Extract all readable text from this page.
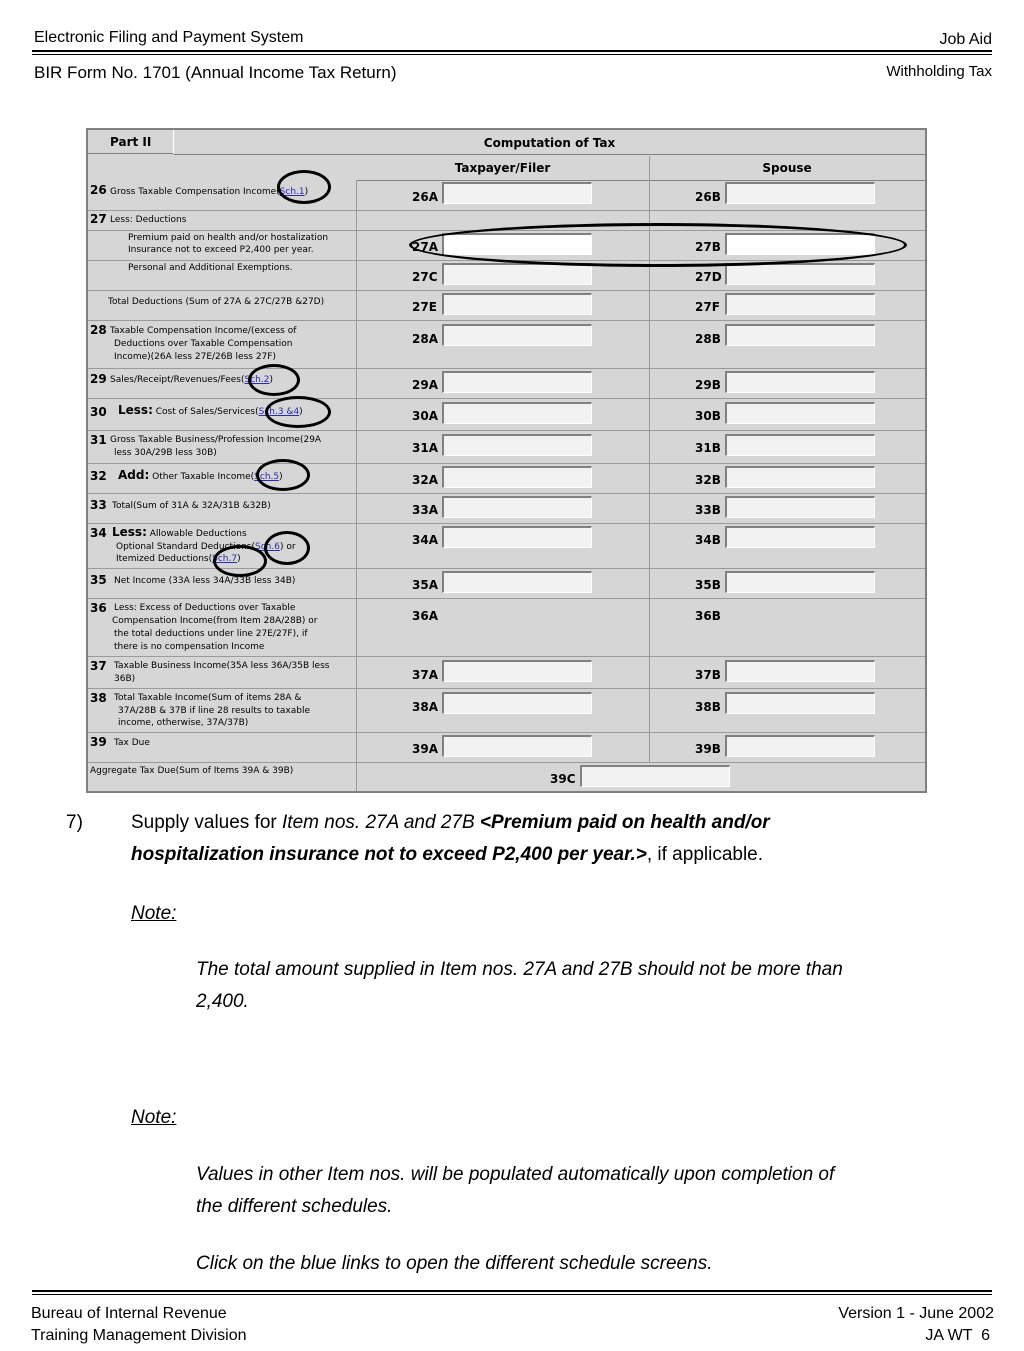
Electronic Filing and Payment System	Job Aid
BIR Form No. 1701 (Annual Income Tax Return)	Withholding Tax
Part II	Computation of Tax
Taxpayer/Filer	Spouse
26 Gross Taxable Compensation Income(Sch.1)	26A	26B
27 Less: Deductions
Premium paid on health and/or hostalization
Insurance not to exceed P2,400 per year.	27A	27B
Personal and Additional Exemptions.
27C	27D
Total Deductions (Sum of 27A & 27C/27B &27D)	27E	27F
28 Taxable Compensation Income/(excess of
Deductions over Taxable Compensation
Income)(26A less 27E/26B less 27F)
28A	28B
29 Sales/Receipt/Revenues/Fees(Sch.2)	29A	29B
30 Less: Cost of Sales/Services(Sch.3 &4)	30A	30B
31 Gross Taxable Business/Profession Income(29A
less 30A/29B less 30B)	31A	31B
32 Add: Other Taxable Income(Sch.5)	32A	32B
33 Total(Sum of 31A & 32A/31B &32B)	33A	33B
34 Less: Allowable Deductions
Optional Standard Deductions(Sch.6) or
Itemized Deductions(Sch.7)
34A	34B
35 Net Income (33A less 34A/33B less 34B)	35A	35B
36 Less: Excess of Deductions over Taxable
Compensation Income(from Item 28A/28B) or
the total deductions under line 27E/27F), if
there is no compensation Income
36A	36B
37 Taxable Business Income(35A less 36A/35B less
36B)	37A	37B
38 Total Taxable Income(Sum of items 28A &
37A/28B & 37B if line 28 results to taxable
income, otherwise, 37A/37B)
38A	38B
39 Tax Due	39A	39B
Aggregate Tax Due(Sum of Items 39A & 39B)
39C
7)	Supply values for Item nos. 27A and 27B <Premium paid on health and/or
hospitalization insurance not to exceed P2,400 per year.>, if applicable.
Note:
The total amount supplied in Item nos. 27A and 27B should not be more than
2,400.
Note:
Values in other Item nos. will be populated automatically upon completion of
the different schedules.
Click on the blue links to open the different schedule screens.
Bureau of Internal Revenue
Training Management Division
Version 1 - June 2002
JA WT  6
